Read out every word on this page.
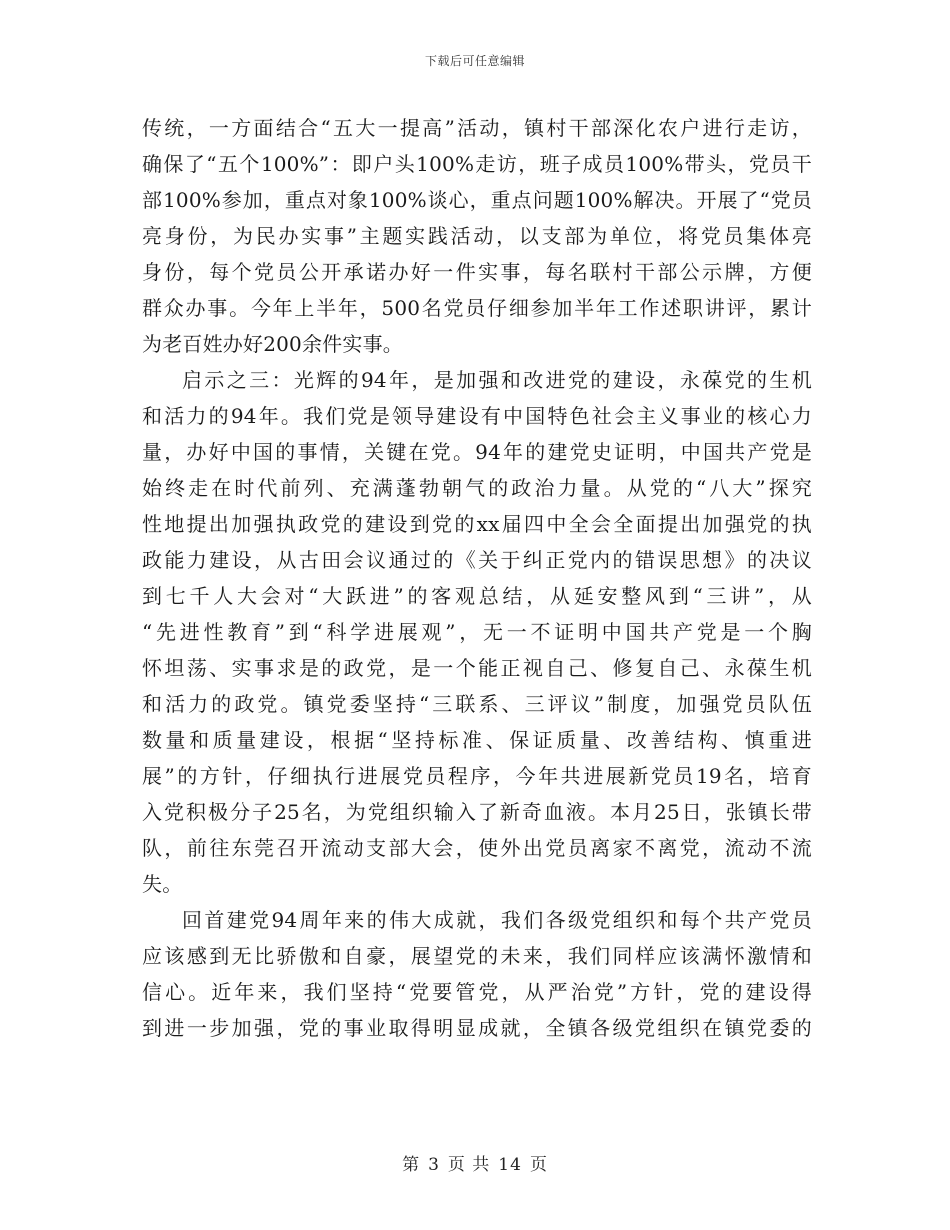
下载后可任意编辑
传统，一方面结合“五大一提高”活动，镇村干部深化农户进行走访，
确保了“五个100%”：即户头100%走访，班子成员100%带头，党员干
部100%参加，重点对象100%谈心，重点问题100%解决。开展了“党员
亮身份，为民办实事”主题实践活动，以支部为单位，将党员集体亮
身份，每个党员公开承诺办好一件实事，每名联村干部公示牌，方便
群众办事。今年上半年，500名党员仔细参加半年工作述职讲评，累计
为老百姓办好200余件实事。
启示之三：光辉的94年，是加强和改进党的建设，永葆党的生机
和活力的94年。我们党是领导建设有中国特色社会主义事业的核心力
量，办好中国的事情，关键在党。94年的建党史证明，中国共产党是
始终走在时代前列、充满蓬勃朝气的政治力量。从党的“八大”探究
性地提出加强执政党的建设到党的xx届四中全会全面提出加强党的执
政能力建设，从古田会议通过的《关于纠正党内的错误思想》的决议
到七千人大会对“大跃进”的客观总结，从延安整风到“三讲”，从
“先进性教育”到“科学进展观”，无一不证明中国共产党是一个胸
怀坦荡、实事求是的政党，是一个能正视自己、修复自己、永葆生机
和活力的政党。镇党委坚持“三联系、三评议”制度，加强党员队伍
数量和质量建设，根据“坚持标准、保证质量、改善结构、慎重进
展”的方针，仔细执行进展党员程序，今年共进展新党员19名，培育
入党积极分子25名，为党组织输入了新奇血液。本月25日，张镇长带
队，前往东莞召开流动支部大会，使外出党员离家不离党，流动不流
失。
回首建党94周年来的伟大成就，我们各级党组织和每个共产党员
应该感到无比骄傲和自豪，展望党的未来，我们同样应该满怀激情和
信心。近年来，我们坚持“党要管党，从严治党”方针，党的建设得
到进一步加强，党的事业取得明显成就，全镇各级党组织在镇党委的
第 3 页 共 14 页
